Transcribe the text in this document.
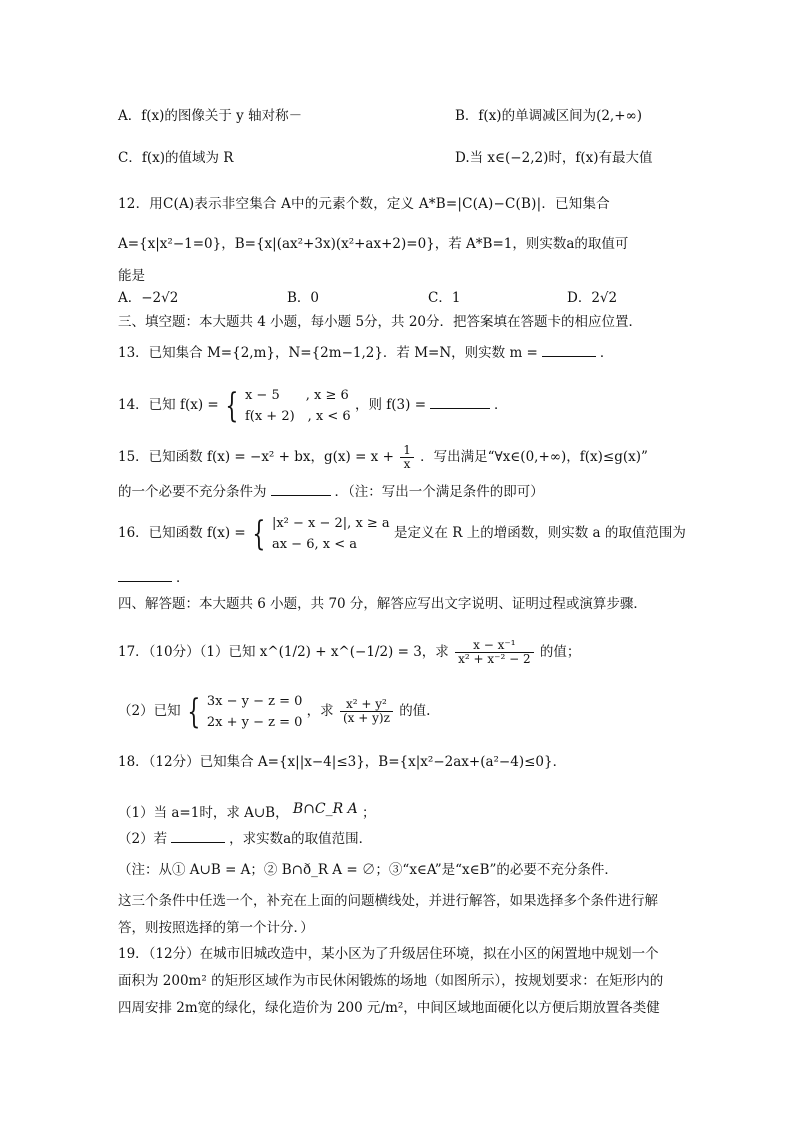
A．f(x)的图像关于 y 轴对称－	B．f(x)的单调减区间为(2,+∞)
C．f(x)的值域为 R	D.当 x∈(−2,2)时，f(x)有最大值
12．用C(A)表示非空集合 A中的元素个数，定义 A*B=|C(A)−C(B)|．已知集合
A={x|x²−1=0}，B={x|(ax²+3x)(x²+ax+2)=0}，若 A*B=1，则实数a的取值可
能是
A．−2√2	B．0	C．1	D．2√2
三、填空题：本大题共 4 小题，每小题 5分，共 20分．把答案填在答题卡的相应位置．
13．已知集合 M={2,m}，N={2m−1,2}．若 M=N，则实数 m =	．
14．已知 f(x) = { x − 5　　, x ≥ 6
f(x + 2)　, x < 6
，则 f(3) =	．
15．已知函数 f(x) = −x² + bx，$g(x) = x + \frac{1}{x}$ ．写出满足“∀x∈(0,+∞)，f(x)≤g(x)”
的一个必要不充分条件为	．（注：写出一个满足条件的即可）
16．已知函数 f(x) = { |x² − x − 2|, x ≥ a
ax − 6, x < a
是定义在 R 上的增函数，则实数 a 的取值范围为
．
四、解答题：本大题共 6 小题，共 70 分，解答应写出文字说明、证明过程或演算步骤．
17．（10分）（1）已知 x^(1/2) + x^(−1/2) = 3，求 $\frac{\text{x − x⁻¹}}{\text{x² + x⁻² − 2}}$ 的值；
（2）已知 { 3x − y − z = 0
2x + y − z = 0
，求 $\frac{\text{x² + y²}}{(x + y)z}$ 的值.
18．（12分）已知集合 A={x||x−4|≤3}，B={x|x²−2ax+(a²−4)≤0}．
（1）当 a=1时，求 A∪B， B∩C_R A ；
（2）若	，求实数a的取值范围．
（注：从① A∪B = A；② B∩ð_R A = ∅；③“x∈A”是“x∈B”的必要不充分条件．
这三个条件中任选一个，补充在上面的问题横线处，并进行解答，如果选择多个条件进行解
答，则按照选择的第一个计分．）
19．（12分）在城市旧城改造中，某小区为了升级居住环境，拟在小区的闲置地中规划一个
面积为 200m² 的矩形区域作为市民休闲锻炼的场地（如图所示），按规划要求：在矩形内的
四周安排 2m宽的绿化，绿化造价为 200 元/m²，中间区域地面硬化以方便后期放置各类健
